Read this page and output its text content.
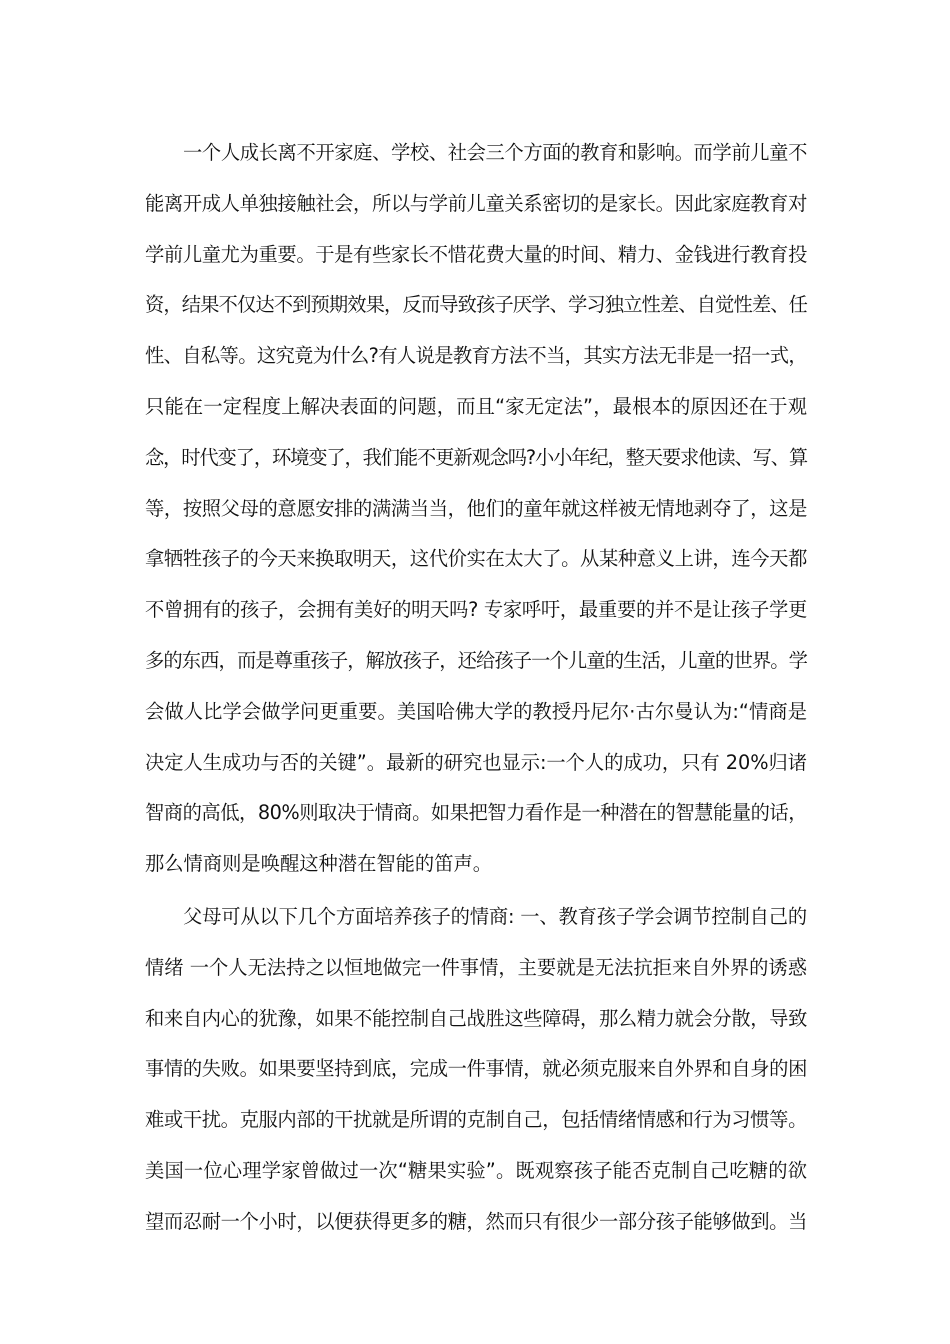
一个人成长离不开家庭、学校、社会三个方面的教育和影响。而学前儿童不
能离开成人单独接触社会，所以与学前儿童关系密切的是家长。因此家庭教育对
学前儿童尤为重要。于是有些家长不惜花费大量的时间、精力、金钱进行教育投
资，结果不仅达不到预期效果，反而导致孩子厌学、学习独立性差、自觉性差、任
性、自私等。这究竟为什么?有人说是教育方法不当，其实方法无非是一招一式，
只能在一定程度上解决表面的问题，而且“家无定法”，最根本的原因还在于观
念，时代变了，环境变了，我们能不更新观念吗?小小年纪，整天要求他读、写、算
等，按照父母的意愿安排的满满当当，他们的童年就这样被无情地剥夺了，这是
拿牺牲孩子的今天来换取明天，这代价实在太大了。从某种意义上讲，连今天都
不曾拥有的孩子，会拥有美好的明天吗? 专家呼吁，最重要的并不是让孩子学更
多的东西，而是尊重孩子，解放孩子，还给孩子一个儿童的生活，儿童的世界。学
会做人比学会做学问更重要。美国哈佛大学的教授丹尼尔·古尔曼认为:“情商是
决定人生成功与否的关键”。最新的研究也显示:一个人的成功，只有 20%归诸
智商的高低，80%则取决于情商。如果把智力看作是一种潜在的智慧能量的话，
那么情商则是唤醒这种潜在智能的笛声。
父母可从以下几个方面培养孩子的情商: 一、教育孩子学会调节控制自己的
情绪 一个人无法持之以恒地做完一件事情，主要就是无法抗拒来自外界的诱惑
和来自内心的犹豫，如果不能控制自己战胜这些障碍，那么精力就会分散，导致
事情的失败。如果要坚持到底，完成一件事情，就必须克服来自外界和自身的困
难或干扰。克服内部的干扰就是所谓的克制自己，包括情绪情感和行为习惯等。
美国一位心理学家曾做过一次“糖果实验”。既观察孩子能否克制自己吃糖的欲
望而忍耐一个小时，以便获得更多的糖，然而只有很少一部分孩子能够做到。当
